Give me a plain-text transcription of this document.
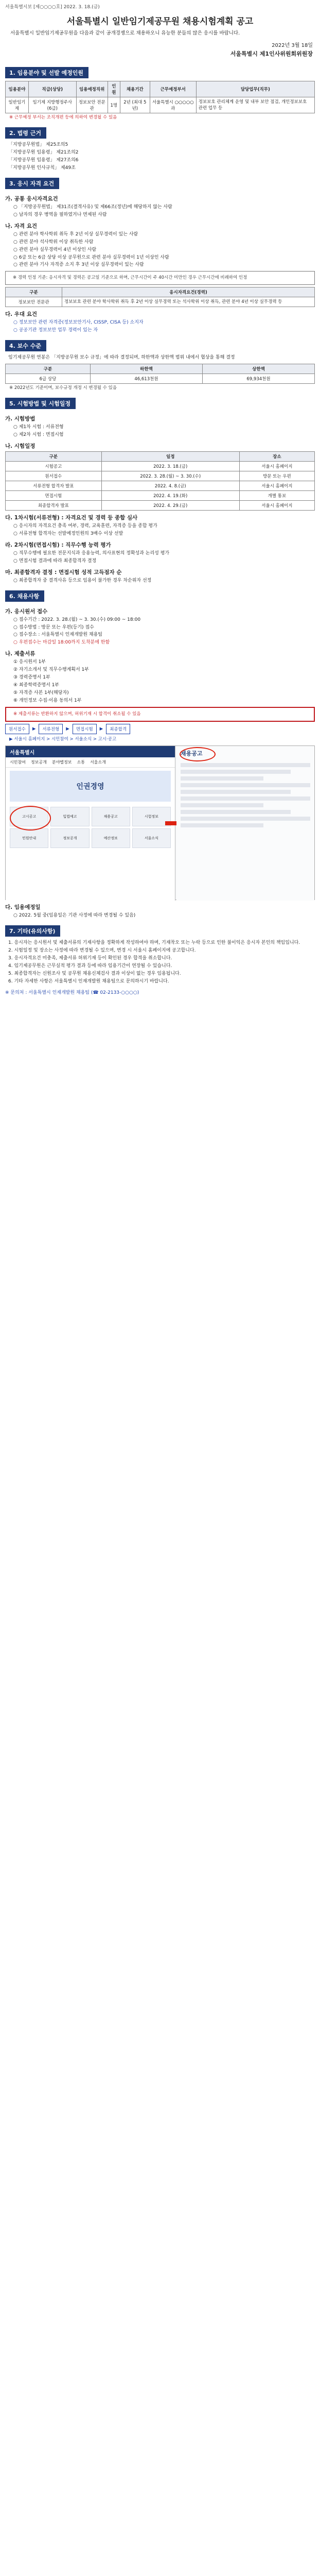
서울특별시보 [제○○○○호] 2022. 3. 18.(금)
서울특별시 일반임기제공무원 채용시험계획 공고
서울특별시 일반임기제공무원을 다음과 같이 공개경쟁으로 채용하오니 유능한 분들의 많은 응시를 바랍니다.
2022년 3월 18일
서울특별시 제1인사위원회위원장
1. 임용분야 및 선발 예정인원
임용분야	직급(상당)	임용예정직위	인원	채용기간	근무예정부서	담당업무(직무)
일반임기제	임기제 지방행정주사(6급)	정보보안 전문관	1명	2년 (최대 5년)	서울특별시 ○○○○○과	정보보호 관리체계 운영 및 내부 보안 점검, 개인정보보호 관련 업무 등
※ 근무예정 부서는 조직개편 등에 의하여 변경될 수 있음
2. 법령 근거
「지방공무원법」 제25조의5
「지방공무원 임용령」 제21조의2
「지방공무원 임용령」 제27조의6
「지방공무원 인사규칙」 제49조
3. 응시 자격 요건
가. 공통 응시자격요건
○ 「지방공무원법」 제31조(결격사유) 및 제66조(정년)에 해당하지 않는 사람
○ 남자의 경우 병역을 필하였거나 면제된 사람
나. 자격 요건
○ 관련 분야 학사학위 취득 후 2년 이상 실무경력이 있는 사람
○ 관련 분야 석사학위 이상 취득한 사람
○ 관련 분야 실무경력이 4년 이상인 사람
○ 6급 또는 6급 상당 이상 공무원으로 관련 분야 실무경력이 1년 이상인 사람
○ 관련 분야 기사 자격증 소지 후 3년 이상 실무경력이 있는 사람
※ 경력 인정 기준: 응시자격 및 경력은 공고일 기준으로 하며, 근무시간이 주 40시간 미만인 경우 근무시간에 비례하여 인정
구분	응시자격요건(경력)
정보보안 전문관	정보보호 관련 분야 학사학위 취득 후 2년 이상 실무경력 또는 석사학위 이상 취득, 관련 분야 4년 이상 실무경력 등
다. 우대 요건
○ 정보보안 관련 자격증(정보보안기사, CISSP, CISA 등) 소지자
○ 공공기관 정보보안 업무 경력이 있는 자
4. 보수 수준
임기제공무원 연봉은 「지방공무원 보수 규정」에 따라 결정되며, 하한액과 상한액 범위 내에서 협상을 통해 결정
구분	하한액	상한액
6급 상당	46,613천원	69,934천원
※ 2022년도 기준이며, 보수규정 개정 시 변경될 수 있음
5. 시험방법 및 시험일정
가. 시험방법
○ 제1차 시험 : 서류전형
○ 제2차 시험 : 면접시험
나. 시험일정
구분	일정	장소
시험공고	2022. 3. 18.(금)	서울시 홈페이지
원서접수	2022. 3. 28.(월) ~ 3. 30.(수)	방문 또는 우편
서류전형 합격자 발표	2022. 4. 8.(금)	서울시 홈페이지
면접시험	2022. 4. 19.(화)	개별 통보
최종합격자 발표	2022. 4. 29.(금)	서울시 홈페이지
다. 1차시험(서류전형) : 자격요건 및 경력 등 종합 심사
○ 응시자의 자격요건 충족 여부, 경력, 교육훈련, 자격증 등을 종합 평가
○ 서류전형 합격자는 선발예정인원의 3배수 이상 선발
라. 2차시험(면접시험) : 직무수행 능력 평가
○ 직무수행에 필요한 전문지식과 응용능력, 의사표현의 정확성과 논리성 평가
○ 면접시험 결과에 따라 최종합격자 결정
마. 최종합격자 결정 : 면접시험 성적 고득점자 순
○ 최종합격자 중 결격사유 등으로 임용이 불가한 경우 차순위자 선정
6. 채용사항
가. 응시원서 접수
○ 접수기간 : 2022. 3. 28.(월) ~ 3. 30.(수) 09:00 ~ 18:00
○ 접수방법 : 방문 또는 우편(등기) 접수
○ 접수장소 : 서울특별시 인재개발원 채용팀
○ 우편접수는 마감일 18:00까지 도착분에 한함
나. 제출서류
① 응시원서 1부
② 자기소개서 및 직무수행계획서 1부
③ 경력증명서 1부
④ 최종학력증명서 1부
⑤ 자격증 사본 1부(해당자)
⑥ 개인정보 수집·이용 동의서 1부
※ 제출서류는 반환하지 않으며, 허위기재 시 합격이 취소될 수 있음
원서접수	▶	서류전형	▶	면접시험	▶	최종합격
▶ 서울시 홈페이지 > 시민참여 > 서울소식 > 고시·공고
서울특별시
시민참여 정보공개 분야별정보 소통 서울소개
인권경영
고시공고	입법예고	채용공고	시험정보
민원안내	정보공개	예산정보	서울소식
채용공고
다. 임용예정일
○ 2022. 5월 중(임용일은 기관 사정에 따라 변경될 수 있음)
7. 기타(유의사항)
1. 응시자는 응시원서 및 제출서류의 기재사항을 정확하게 작성하여야 하며, 기재착오 또는 누락 등으로 인한 불이익은 응시자 본인의 책임입니다.
2. 시험일정 및 장소는 사정에 따라 변경될 수 있으며, 변경 시 서울시 홈페이지에 공고합니다.
3. 응시자격요건 미충족, 제출서류 허위기재 등이 확인된 경우 합격을 취소합니다.
4. 임기제공무원은 근무실적 평가 결과 등에 따라 임용기간이 연장될 수 있습니다.
5. 최종합격자는 신원조사 및 공무원 채용신체검사 결과 이상이 없는 경우 임용됩니다.
6. 기타 자세한 사항은 서울특별시 인재개발원 채용팀으로 문의하시기 바랍니다.
※ 문의처 : 서울특별시 인재개발원 채용팀 (☎ 02-2133-○○○○)
